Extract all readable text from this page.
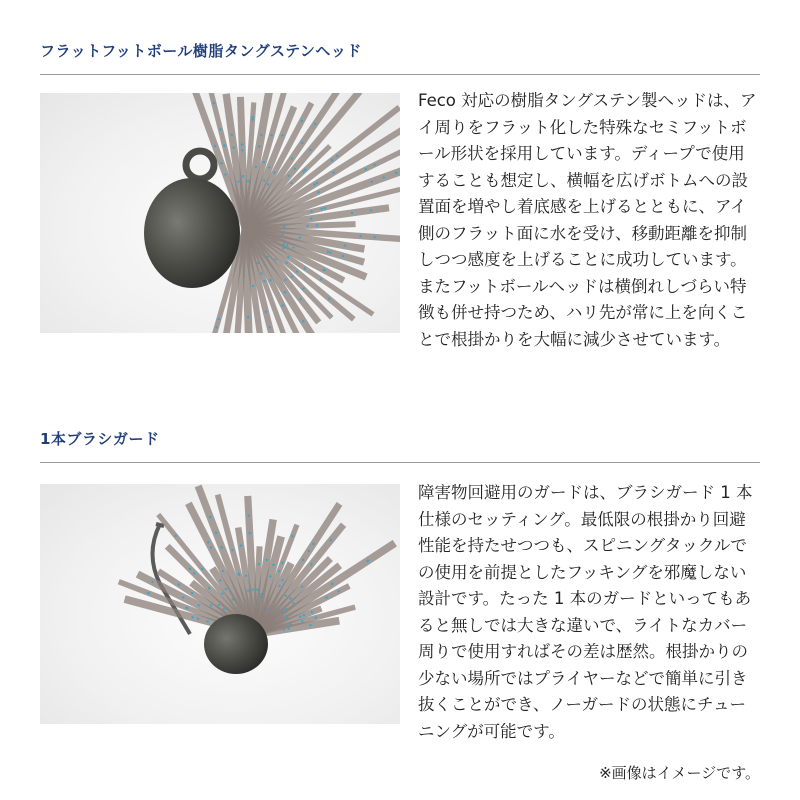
フラットフットボール樹脂タングステンヘッド

Feco 対応の樹脂タングステン製ヘッドは、アイ周りをフラット化した特殊なセミフットボール形状を採用しています。ディープで使用することも想定し、横幅を広げボトムへの設置面を増やし着底感を上げるとともに、アイ側のフラット面に水を受け、移動距離を抑制しつつ感度を上げることに成功しています。またフットボールヘッドは横倒れしづらい特徴も併せ持つため、ハリ先が常に上を向くことで根掛かりを大幅に減少させています。

1本ブラシガード

障害物回避用のガードは、ブラシガード 1 本仕様のセッティング。最低限の根掛かり回避性能を持たせつつも、スピニングタックルでの使用を前提としたフッキングを邪魔しない設計です。たった 1 本のガードといってもあると無しでは大きな違いで、ライトなカバー周りで使用すればその差は歴然。根掛かりの少ない場所ではプライヤーなどで簡単に引き抜くことができ、ノーガードの状態にチューニングが可能です。

※画像はイメージです。
